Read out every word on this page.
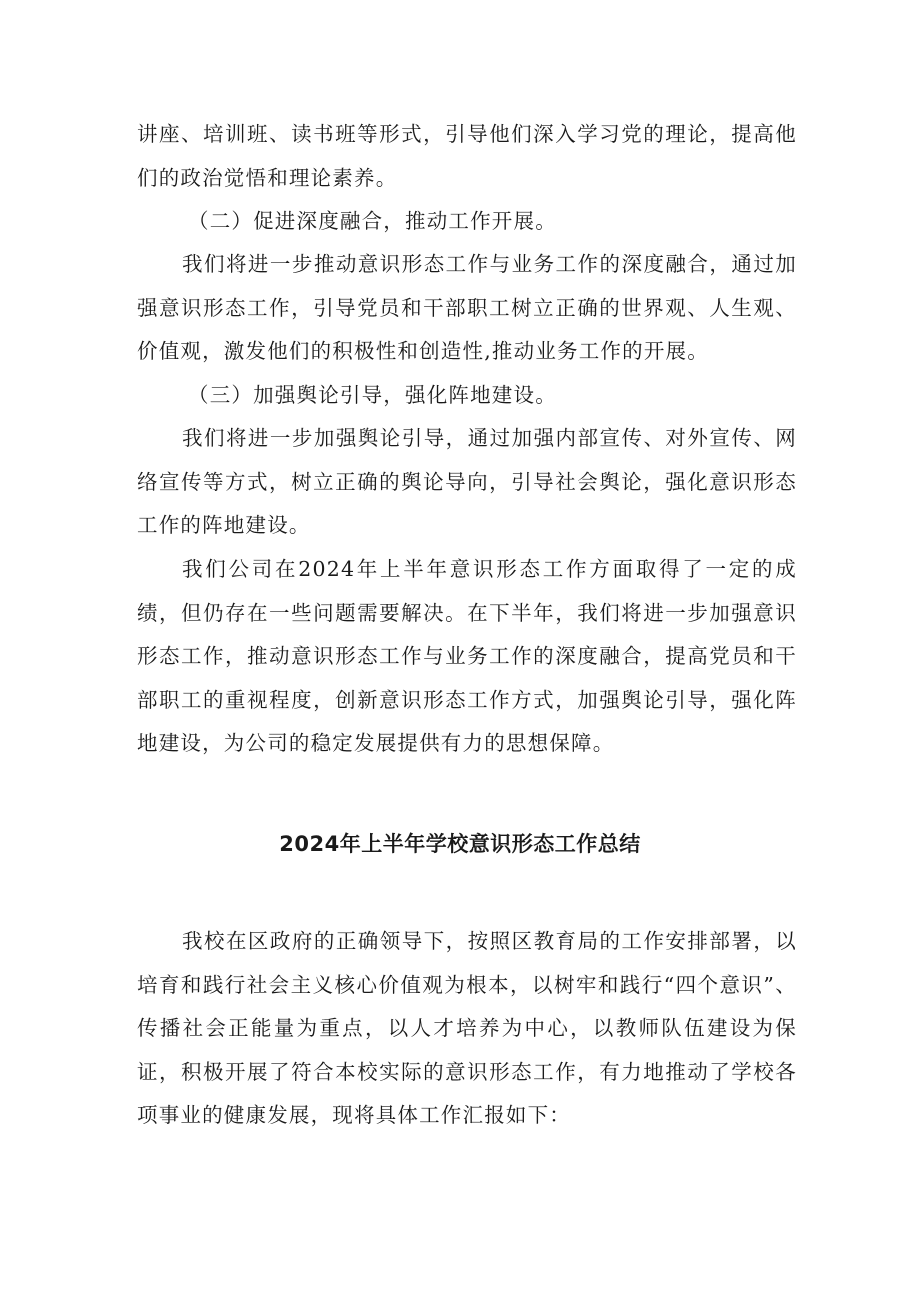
讲座、培训班、读书班等形式，引导他们深入学习党的理论，提高他们的政治觉悟和理论素养。

（二）促进深度融合，推动工作开展。

我们将进一步推动意识形态工作与业务工作的深度融合，通过加强意识形态工作，引导党员和干部职工树立正确的世界观、人生观、价值观，激发他们的积极性和创造性,推动业务工作的开展。

（三）加强舆论引导，强化阵地建设。

我们将进一步加强舆论引导，通过加强内部宣传、对外宣传、网络宣传等方式，树立正确的舆论导向，引导社会舆论，强化意识形态工作的阵地建设。

我们公司在2024年上半年意识形态工作方面取得了一定的成绩，但仍存在一些问题需要解决。在下半年，我们将进一步加强意识形态工作，推动意识形态工作与业务工作的深度融合，提高党员和干部职工的重视程度，创新意识形态工作方式，加强舆论引导，强化阵地建设，为公司的稳定发展提供有力的思想保障。

2024年上半年学校意识形态工作总结

我校在区政府的正确领导下，按照区教育局的工作安排部署，以培育和践行社会主义核心价值观为根本，以树牢和践行“四个意识”、传播社会正能量为重点，以人才培养为中心，以教师队伍建设为保证，积极开展了符合本校实际的意识形态工作，有力地推动了学校各项事业的健康发展，现将具体工作汇报如下：
